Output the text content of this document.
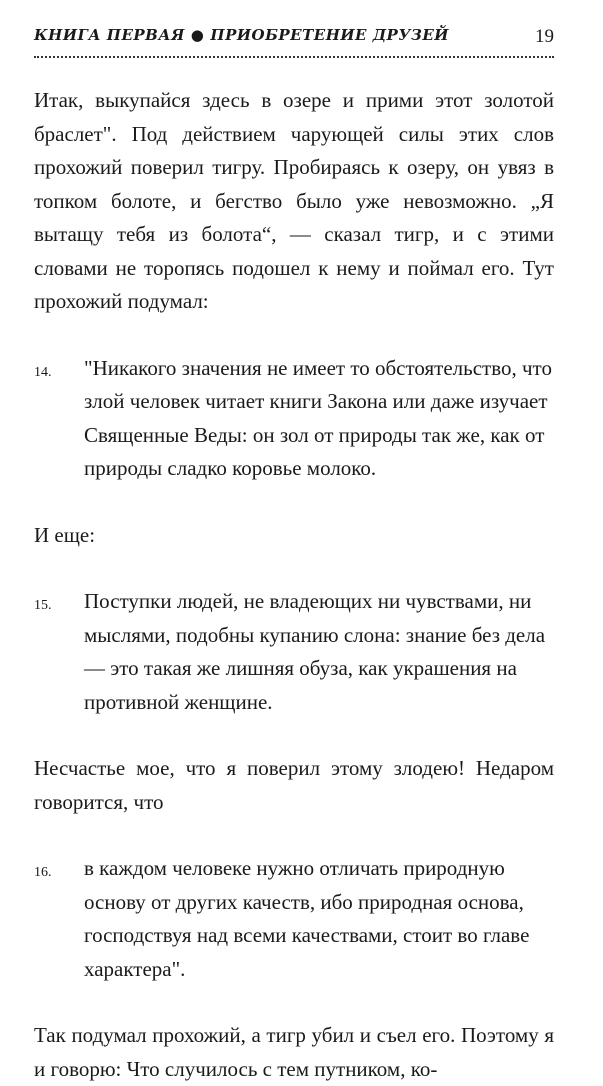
КНИГА ПЕРВАЯ ● ПРИОБРЕТЕНИЕ ДРУЗЕЙ	19

Итак, выкупайся здесь в озере и прими этот золотой браслет". Под действием чарующей силы этих слов прохожий поверил тигру. Пробираясь к озеру, он увяз в топком болоте, и бегство было уже невозможно. „Я вытащу тебя из болота“, — сказал тигр, и с этими словами не торопясь подошел к нему и поймал его. Тут прохожий подумал:

14.	"Никакого значения не имеет то обстоятельство, что злой человек читает книги Закона или даже изучает Священные Веды: он зол от природы так же, как от природы сладко коровье молоко.

И еще:

15.	Поступки людей, не владеющих ни чувствами, ни мыслями, подобны купанию слона: знание без дела — это такая же лишняя обуза, как украшения на противной женщине.

Несчастье мое, что я поверил этому злодею! Недаром говорится, что

16.	в каждом человеке нужно отличать природную основу от других качеств, ибо природная основа, господствуя над всеми качествами, стоит во главе характера".

Так подумал прохожий, а тигр убил и съел его. Поэтому я и говорю: Что случилось с тем путником, ко-
